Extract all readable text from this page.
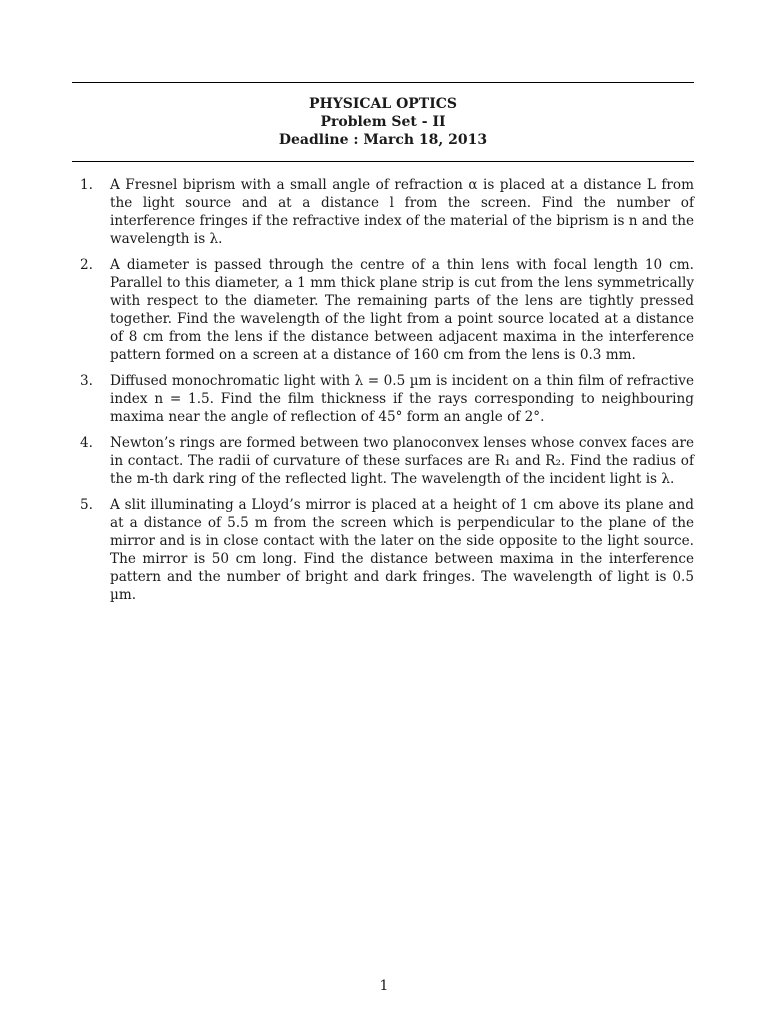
PHYSICAL OPTICS
Problem Set - II
Deadline : March 18, 2013
1. A Fresnel biprism with a small angle of refraction α is placed at a distance L from the light source and at a distance l from the screen. Find the number of interference fringes if the refractive index of the material of the biprism is n and the wavelength is λ.
2. A diameter is passed through the centre of a thin lens with focal length 10 cm. Parallel to this diameter, a 1 mm thick plane strip is cut from the lens symmetrically with respect to the diameter. The remaining parts of the lens are tightly pressed together. Find the wavelength of the light from a point source located at a distance of 8 cm from the lens if the distance between adjacent maxima in the interference pattern formed on a screen at a distance of 160 cm from the lens is 0.3 mm.
3. Diffused monochromatic light with λ = 0.5 µm is incident on a thin film of refractive index n = 1.5. Find the film thickness if the rays corresponding to neighbouring maxima near the angle of reflection of 45° form an angle of 2°.
4. Newton’s rings are formed between two planoconvex lenses whose convex faces are in contact. The radii of curvature of these surfaces are R₁ and R₂. Find the radius of the m-th dark ring of the reflected light. The wavelength of the incident light is λ.
5. A slit illuminating a Lloyd’s mirror is placed at a height of 1 cm above its plane and at a distance of 5.5 m from the screen which is perpendicular to the plane of the mirror and is in close contact with the later on the side opposite to the light source. The mirror is 50 cm long. Find the distance between maxima in the interference pattern and the number of bright and dark fringes. The wavelength of light is 0.5 µm.
1
